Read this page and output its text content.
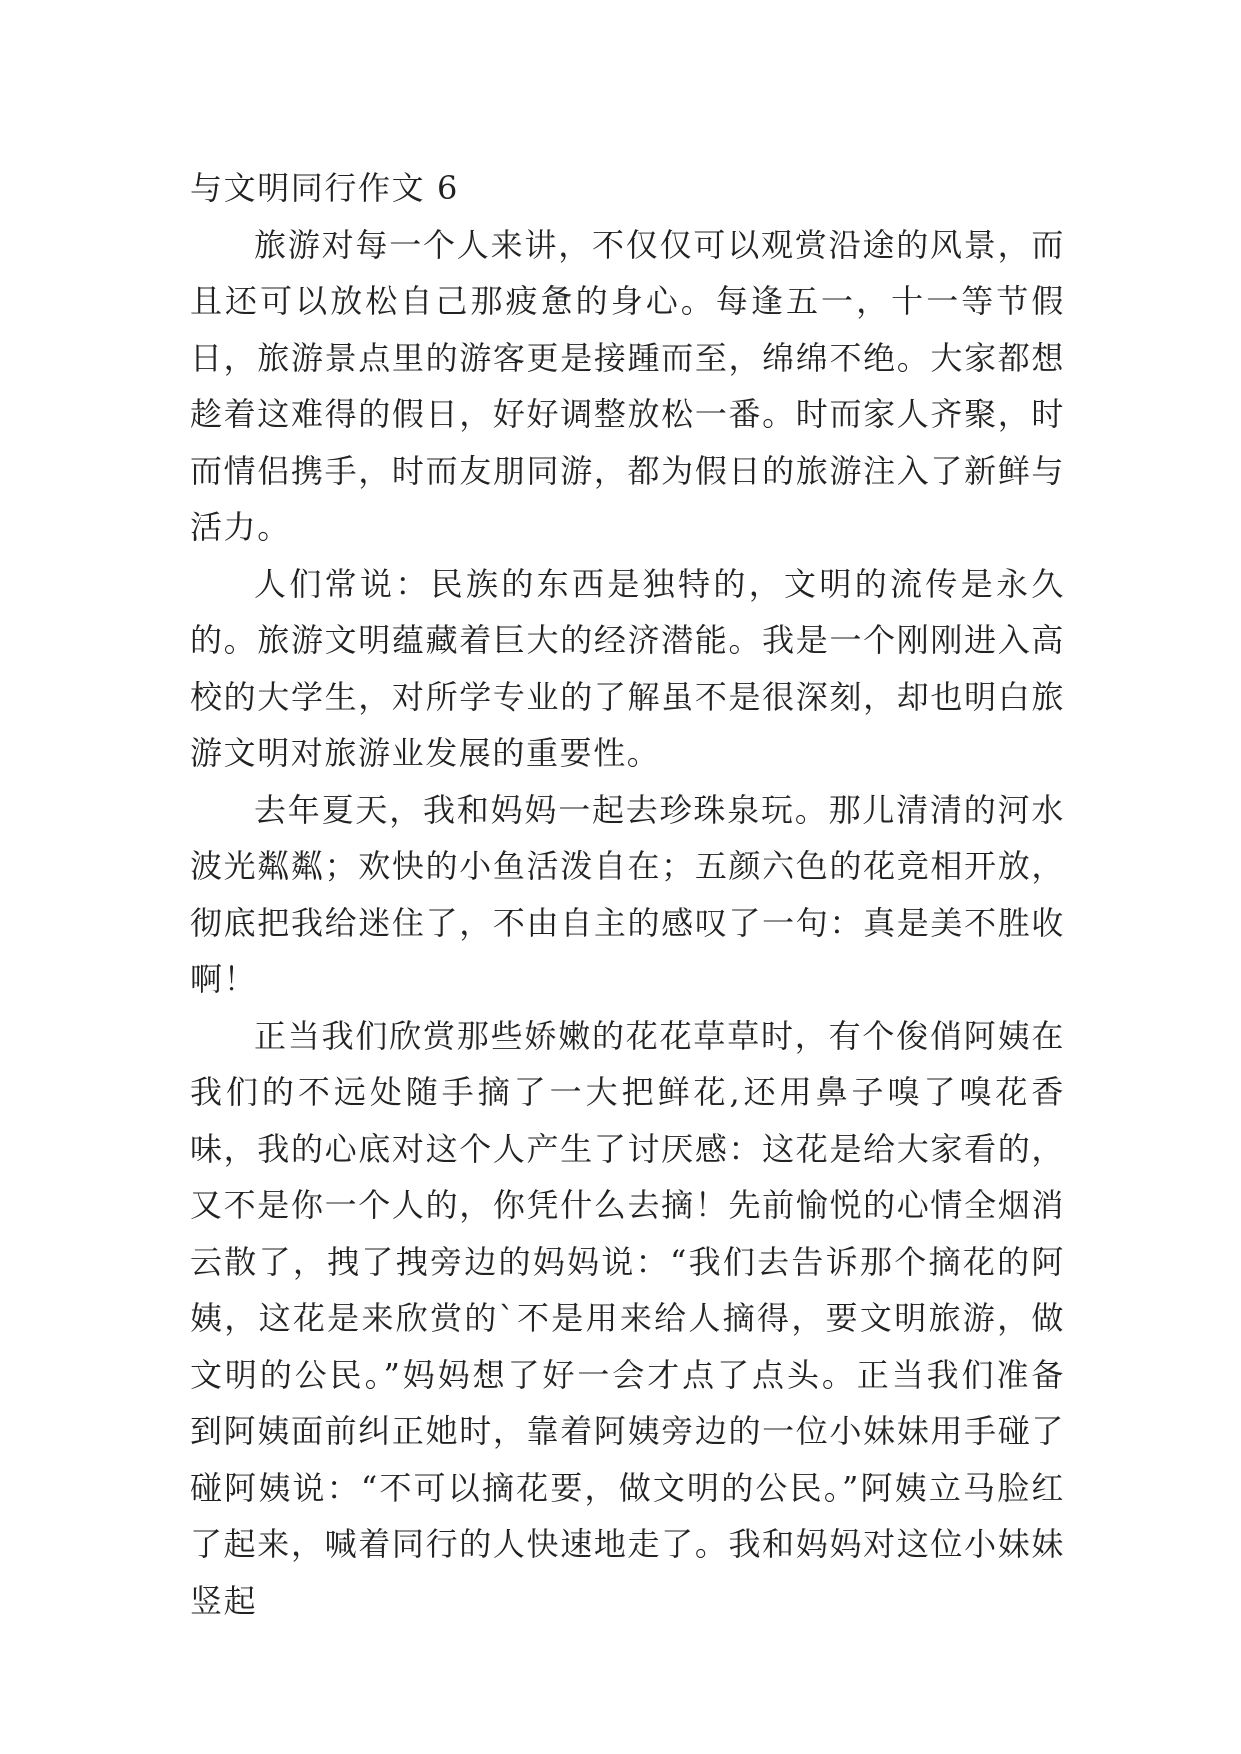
与文明同行作文 6

旅游对每一个人来讲，不仅仅可以观赏沿途的风景，而且还可以放松自己那疲惫的身心。每逢五一，十一等节假日，旅游景点里的游客更是接踵而至，绵绵不绝。大家都想趁着这难得的假日，好好调整放松一番。时而家人齐聚，时而情侣携手，时而友朋同游，都为假日的旅游注入了新鲜与活力。

人们常说：民族的东西是独特的，文明的流传是永久的。旅游文明蕴藏着巨大的经济潜能。我是一个刚刚进入高校的大学生，对所学专业的了解虽不是很深刻，却也明白旅游文明对旅游业发展的重要性。

去年夏天，我和妈妈一起去珍珠泉玩。那儿清清的河水波光粼粼；欢快的小鱼活泼自在；五颜六色的花竞相开放，彻底把我给迷住了，不由自主的感叹了一句：真是美不胜收啊！

正当我们欣赏那些娇嫩的花花草草时，有个俊俏阿姨在我们的不远处随手摘了一大把鲜花,还用鼻子嗅了嗅花香味，我的心底对这个人产生了讨厌感：这花是给大家看的，又不是你一个人的，你凭什么去摘！先前愉悦的心情全烟消云散了，拽了拽旁边的妈妈说：“我们去告诉那个摘花的阿姨，这花是来欣赏的`不是用来给人摘得，要文明旅游，做文明的公民。”妈妈想了好一会才点了点头。正当我们准备到阿姨面前纠正她时，靠着阿姨旁边的一位小妹妹用手碰了碰阿姨说：“不可以摘花要，做文明的公民。”阿姨立马脸红了起来，喊着同行的人快速地走了。我和妈妈对这位小妹妹竖起
